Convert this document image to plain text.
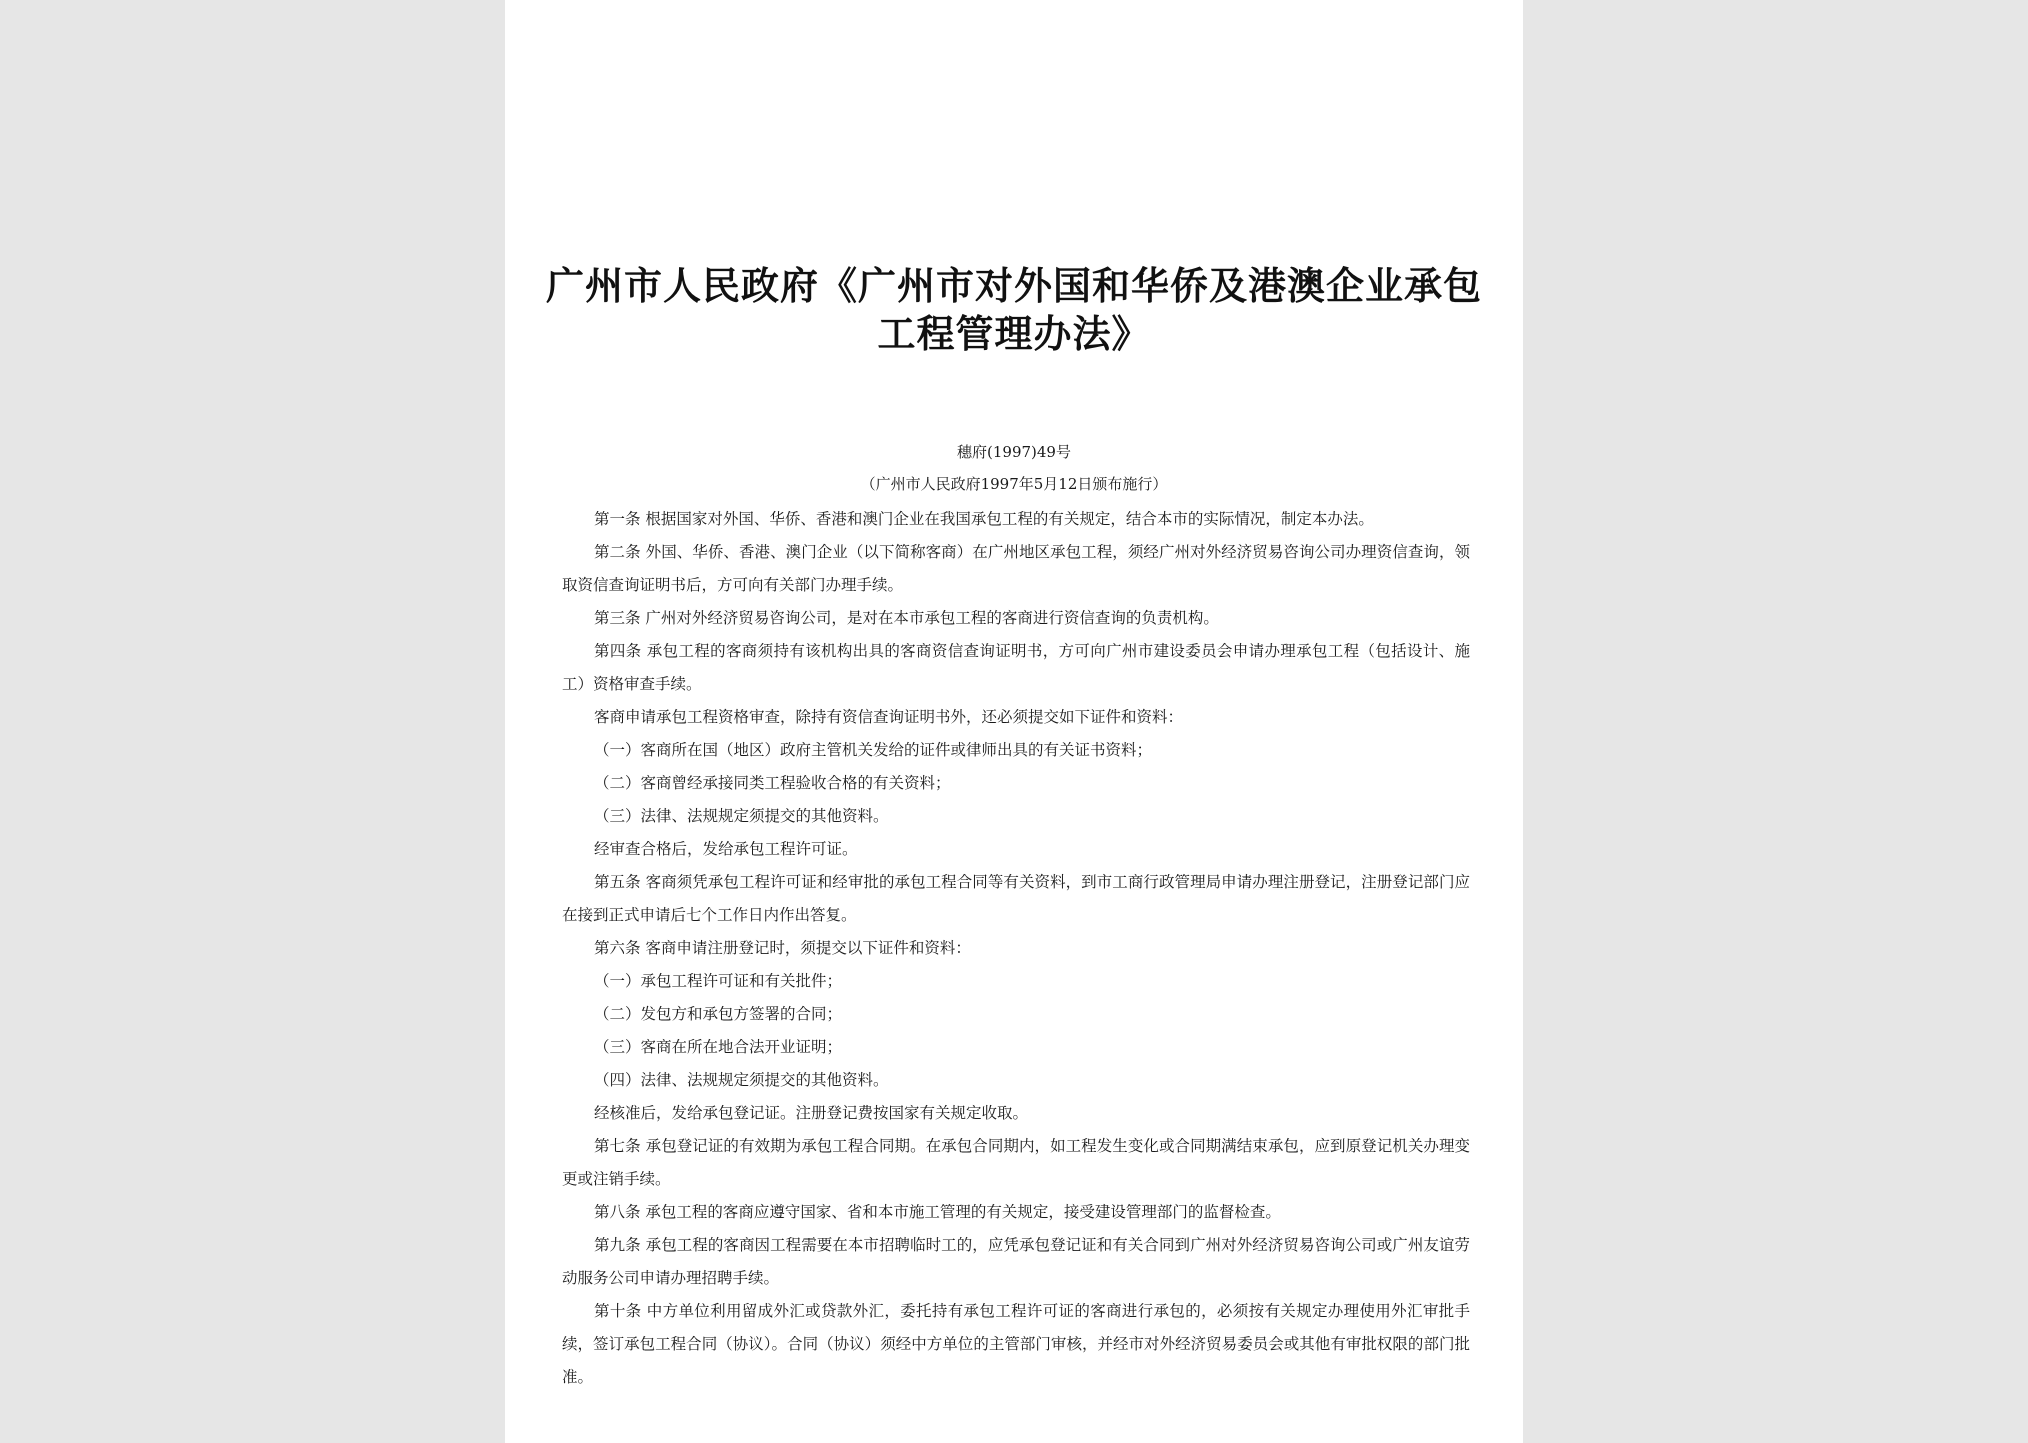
广州市人民政府《广州市对外国和华侨及港澳企业承包
工程管理办法》
穗府(1997)49号
（广州市人民政府1997年5月12日颁布施行）

第一条 根据国家对外国、华侨、香港和澳门企业在我国承包工程的有关规定，结合本市的实际情况，制定本办法。

第二条 外国、华侨、香港、澳门企业（以下简称客商）在广州地区承包工程，须经广州对外经济贸易咨询公司办理资信查询，领取资信查询证明书后，方可向有关部门办理手续。

第三条 广州对外经济贸易咨询公司，是对在本市承包工程的客商进行资信查询的负责机构。

第四条 承包工程的客商须持有该机构出具的客商资信查询证明书，方可向广州市建设委员会申请办理承包工程（包括设计、施工）资格审查手续。

客商申请承包工程资格审查，除持有资信查询证明书外，还必须提交如下证件和资料：

（一）客商所在国（地区）政府主管机关发给的证件或律师出具的有关证书资料；

（二）客商曾经承接同类工程验收合格的有关资料；

（三）法律、法规规定须提交的其他资料。

经审查合格后，发给承包工程许可证。

第五条 客商须凭承包工程许可证和经审批的承包工程合同等有关资料，到市工商行政管理局申请办理注册登记，注册登记部门应在接到正式申请后七个工作日内作出答复。

第六条 客商申请注册登记时，须提交以下证件和资料：

（一）承包工程许可证和有关批件；

（二）发包方和承包方签署的合同；

（三）客商在所在地合法开业证明；

（四）法律、法规规定须提交的其他资料。

经核准后，发给承包登记证。注册登记费按国家有关规定收取。

第七条 承包登记证的有效期为承包工程合同期。在承包合同期内，如工程发生变化或合同期满结束承包，应到原登记机关办理变更或注销手续。

第八条 承包工程的客商应遵守国家、省和本市施工管理的有关规定，接受建设管理部门的监督检查。

第九条 承包工程的客商因工程需要在本市招聘临时工的，应凭承包登记证和有关合同到广州对外经济贸易咨询公司或广州友谊劳动服务公司申请办理招聘手续。

第十条 中方单位利用留成外汇或贷款外汇，委托持有承包工程许可证的客商进行承包的，必须按有关规定办理使用外汇审批手续，签订承包工程合同（协议）。合同（协议）须经中方单位的主管部门审核，并经市对外经济贸易委员会或其他有审批权限的部门批准。
